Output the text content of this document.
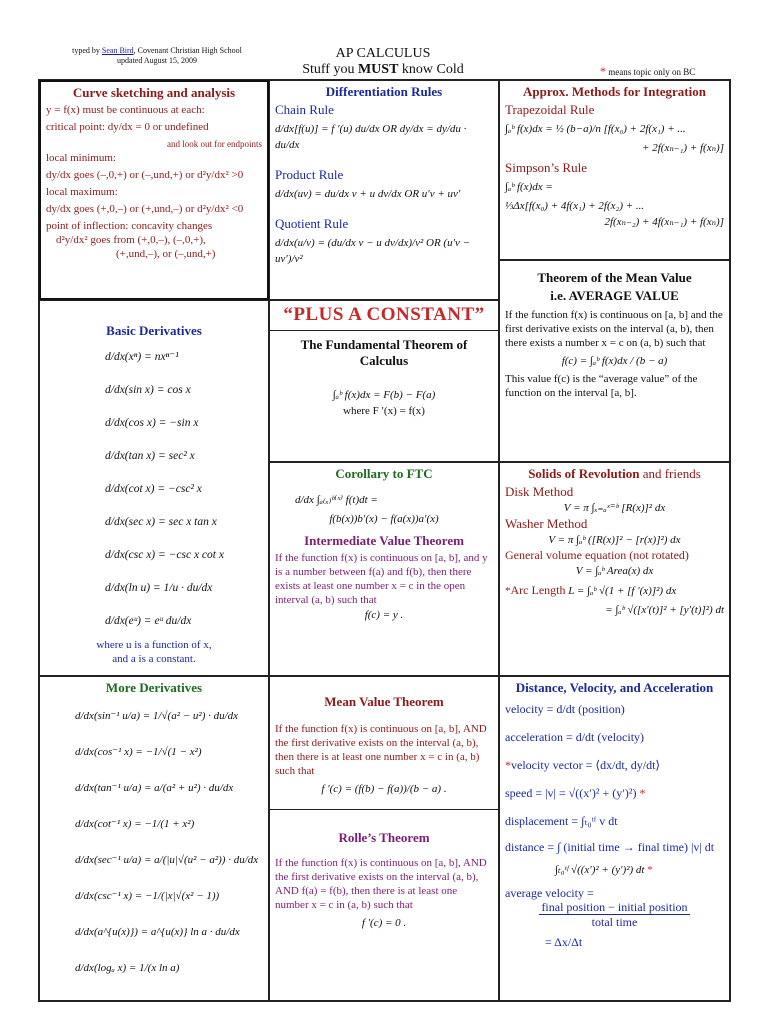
typed by Sean Bird, Covenant Christian High School
updated August 15, 2009	AP CALCULUS
Stuff you MUST know Cold	* means topic only on BC
Curve sketching and analysis
y = f(x) must be continuous at each:
critical point: dy/dx = 0 or undefined
and look out for endpoints
local minimum:
dy/dx goes (–,0,+) or (–,und,+) or d²y/dx² >0
local maximum:
dy/dx goes (+,0,–) or (+,und,–) or d²y/dx² <0
point of inflection: concavity changes
d²y/dx² goes from (+,0,–), (–,0,+),
(+,und,–), or (–,und,+)
Differentiation Rules
Chain Rule
d/dx[f(u)] = f ′(u) du/dx OR dy/dx = dy/du · du/dx
Product Rule
d/dx(uv) = du/dx v + u dv/dx OR u′v + uv′
Quotient Rule
d/dx(u/v) = (du/dx v − u dv/dx)/v² OR (u′v − uv′)/v²
Approx. Methods for Integration
Trapezoidal Rule
∫ₐᵇ f(x)dx = ½ (b−a)/n [f(x₀) + 2f(x₁) + ...
+ 2f(xₙ₋₁) + f(xₙ)]
Simpson’s Rule
∫ₐᵇ f(x)dx =
⅓Δx[f(x₀) + 4f(x₁) + 2f(x₂) + ...
2f(xₙ₋₂) + 4f(xₙ₋₁) + f(xₙ)]
Basic Derivatives
d/dx(xⁿ) = nxⁿ⁻¹
d/dx(sin x) = cos x
d/dx(cos x) = −sin x
d/dx(tan x) = sec² x
d/dx(cot x) = −csc² x
d/dx(sec x) = sec x tan x
d/dx(csc x) = −csc x cot x
d/dx(ln u) = 1/u · du/dx
d/dx(eᵘ) = eᵘ du/dx
where u is a function of x,
and a is a constant.
“PLUS A CONSTANT”
The Fundamental Theorem of Calculus
∫ₐᵇ f(x)dx = F(b) − F(a)
where F ′(x) = f(x)
Theorem of the Mean Value
i.e. AVERAGE VALUE
If the function f(x) is continuous on [a, b] and the first derivative exists on the interval (a, b), then there exists a number x = c on (a, b) such that
f(c) = ∫ₐᵇ f(x)dx / (b − a)
This value f(c) is the “average value” of the function on the interval [a, b].
Corollary to FTC
d/dx ∫ₐ₍ₓ₎ᵇ⁽ˣ⁾ f(t)dt =
f(b(x))b′(x) − f(a(x))a′(x)
Intermediate Value Theorem
If the function f(x) is continuous on [a, b], and y is a number between f(a) and f(b), then there exists at least one number x = c in the open interval (a, b) such that
f(c) = y .
Solids of Revolution and friends
Disk Method
V = π ∫ₓ₌ₐˣ⁼ᵇ [R(x)]² dx
Washer Method
V = π ∫ₐᵇ ([R(x)]² − [r(x)]²) dx
General volume equation (not rotated)
V = ∫ₐᵇ Area(x) dx
*Arc Length L = ∫ₐᵇ √(1 + [f ′(x)]²) dx
= ∫ₐᵇ √([x′(t)]² + [y′(t)]²) dt
More Derivatives
d/dx(sin⁻¹ u/a) = 1/√(a² − u²) · du/dx
d/dx(cos⁻¹ x) = −1/√(1 − x²)
d/dx(tan⁻¹ u/a) = a/(a² + u²) · du/dx
d/dx(cot⁻¹ x) = −1/(1 + x²)
d/dx(sec⁻¹ u/a) = a/(|u|√(u² − a²)) · du/dx
d/dx(csc⁻¹ x) = −1/(|x|√(x² − 1))
d/dx(a^{u(x)}) = a^{u(x)} ln a · du/dx
d/dx(logₐ x) = 1/(x ln a)
Mean Value Theorem
If the function f(x) is continuous on [a, b], AND the first derivative exists on the interval (a, b), then there is at least one number x = c in (a, b) such that
f ′(c) = (f(b) − f(a))/(b − a) .
Rolle’s Theorem
If the function f(x) is continuous on [a, b], AND the first derivative exists on the interval (a, b), AND f(a) = f(b), then there is at least one number x = c in (a, b) such that
f ′(c) = 0 .
Distance, Velocity, and Acceleration
velocity = d/dt (position)
acceleration = d/dt (velocity)
*velocity vector = ⟨dx/dt, dy/dt⟩
speed = |v| = √((x′)² + (y′)²) *
displacement = ∫ₜ₀ᵗᶠ v dt
distance = ∫ (initial time → final time) |v| dt
∫ₜ₀ᵗᶠ √((x′)² + (y′)²) dt *
average velocity =
final position − initial position
total time
= Δx/Δt
